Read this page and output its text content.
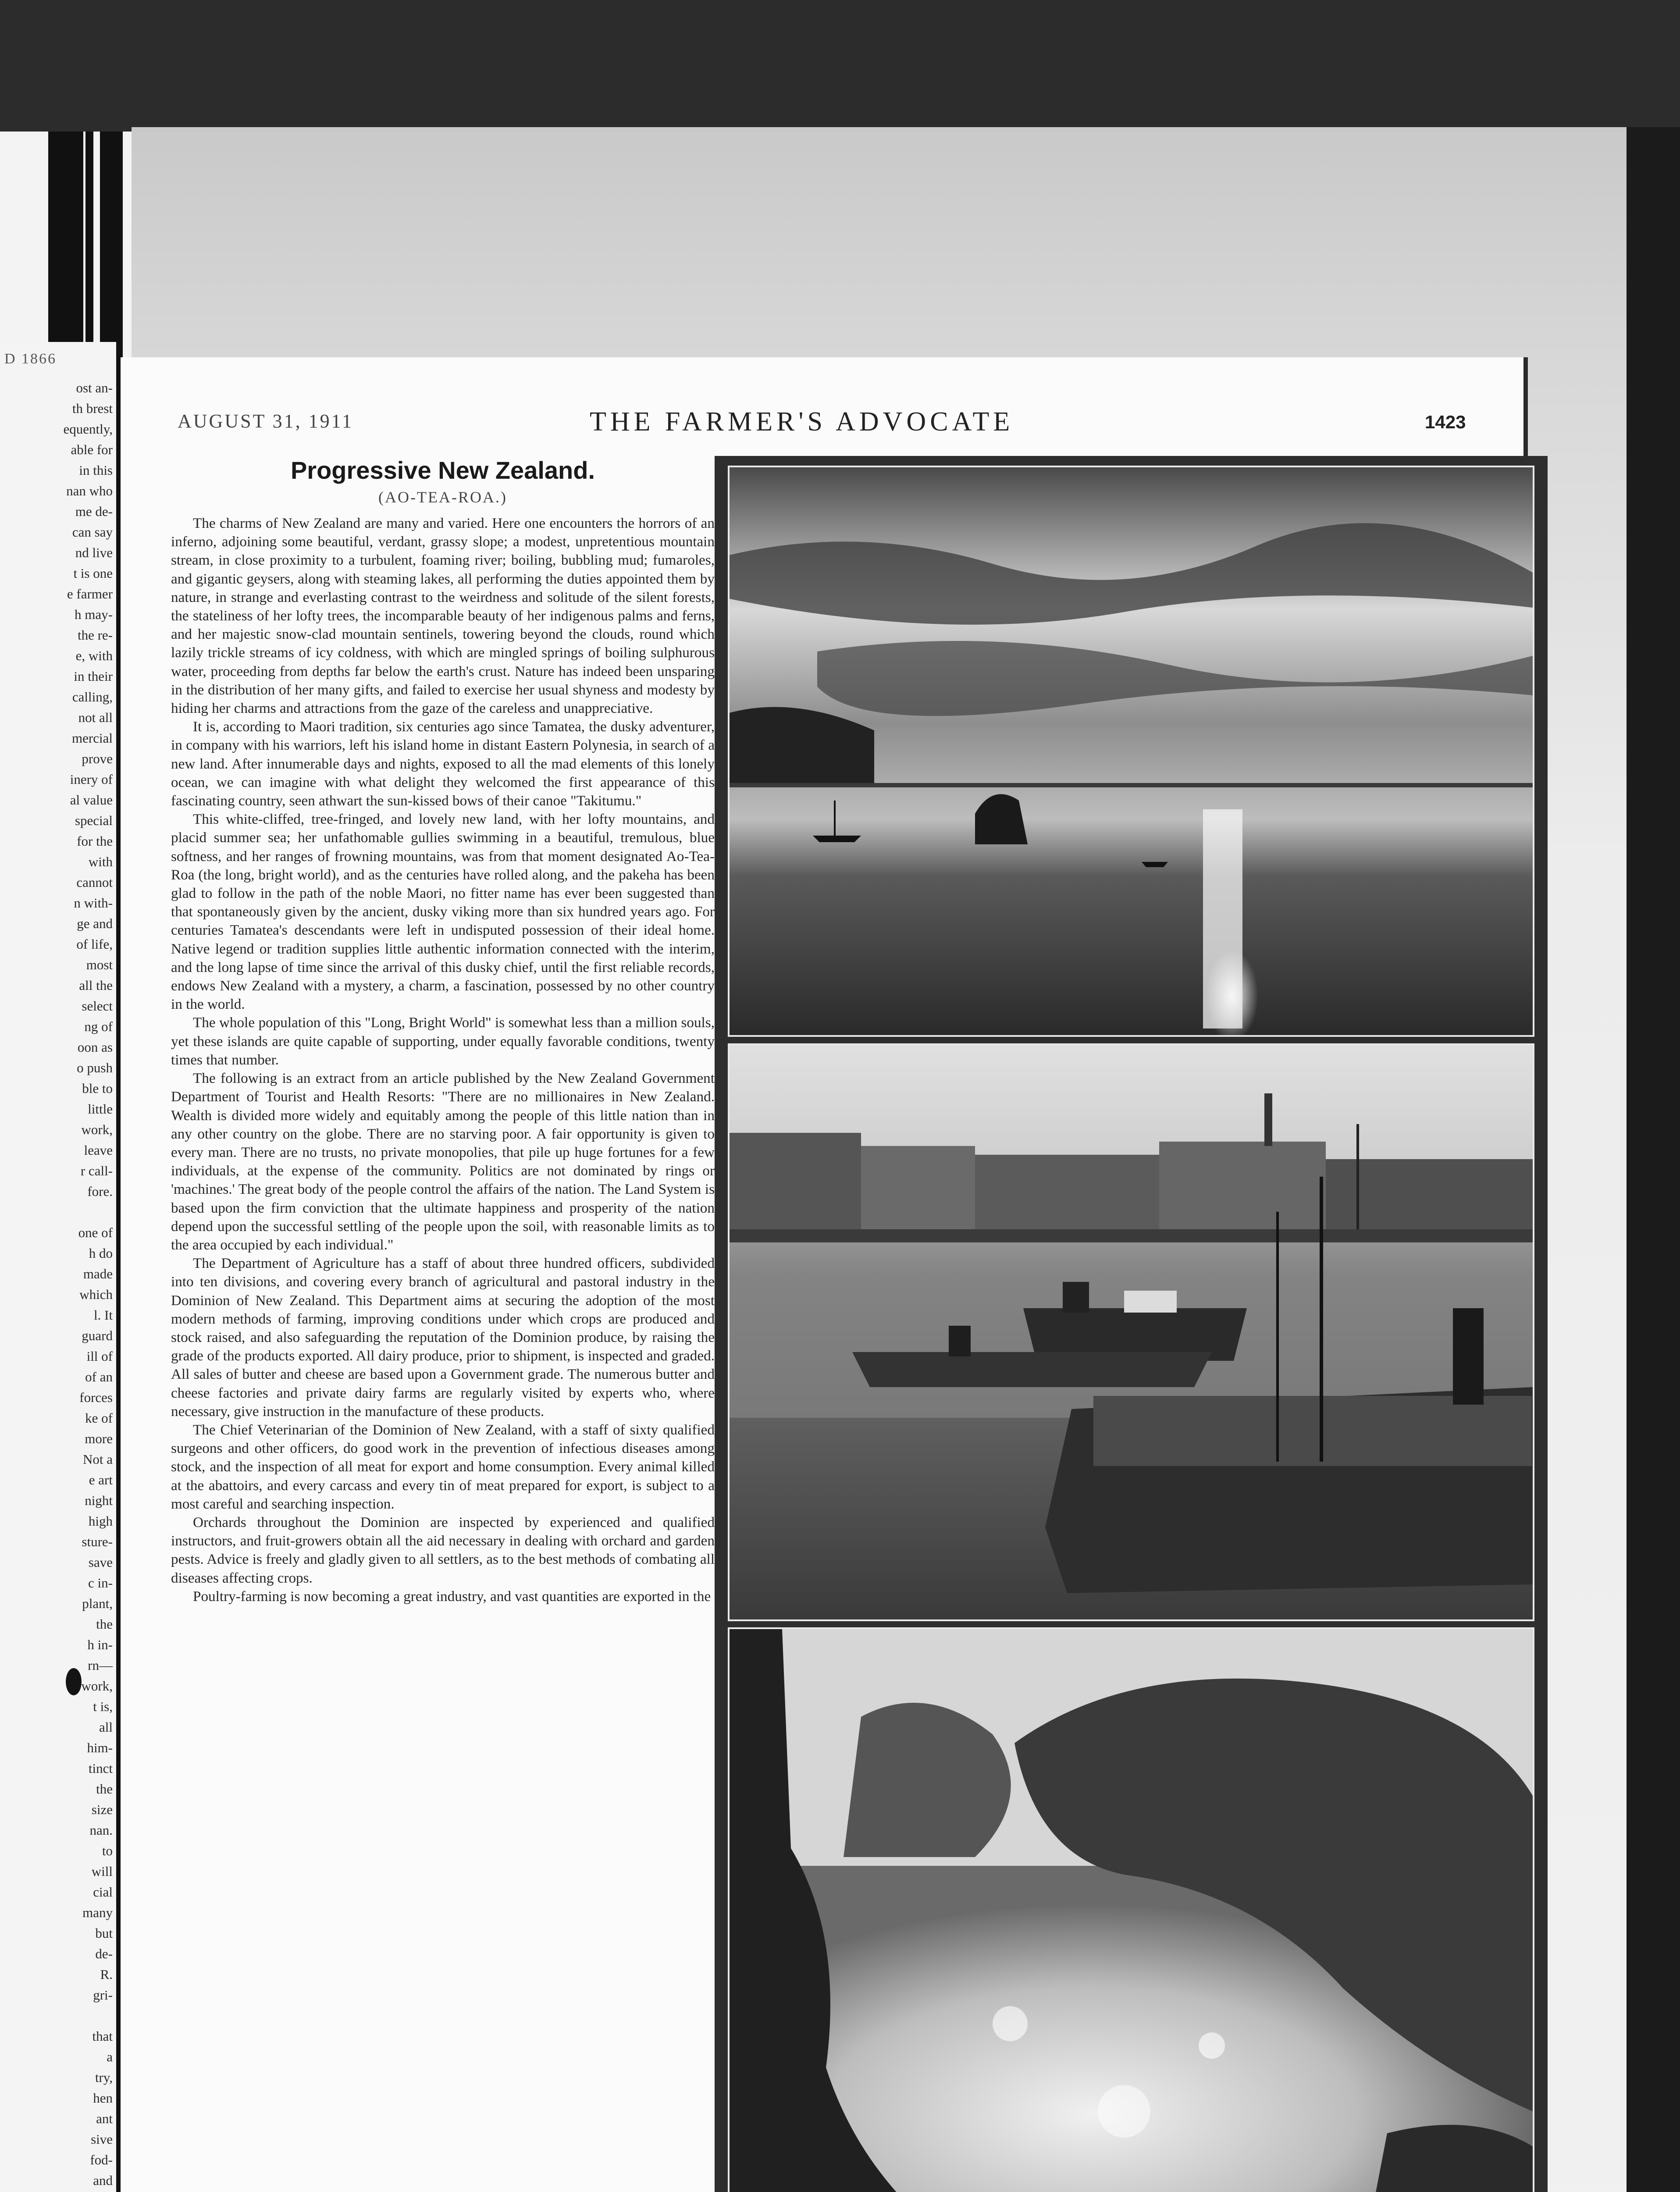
D 1866
ost an-
th brest
equently,
able for
in this
nan who
me de-
can say
nd live
t is one
e farmer
h may-
the re-
e, with
in their
calling,
not all
mercial
prove
inery of
al value
special
for the
with
cannot
n with-
ge and
of life,
most
all the
select
ng of
oon as
o push
ble to
little
work,
leave
r call-
fore.
one of
h do
made
which
l. It
guard
ill of
of an
forces
ke of
more
Not a
e art
night
high
sture-
save
c in-
plant,
the
h in-
rn—
work,
t is,
all
him-
tinct
the
size
nan.
to
will
cial
many
but
de-
R.
gri-
that
a
try,
hen
ant
sive
fod-
and
AUGUST 31, 1911	THE FARMER'S ADVOCATE	1423
Progressive New Zealand.
(AO-TEA-ROA.)

The charms of New Zealand are many and varied. Here one encounters the horrors of an inferno, adjoining some beautiful, verdant, grassy slope; a modest, unpretentious mountain stream, in close proximity to a turbulent, foaming river; boiling, bubbling mud; fumaroles, and gigantic geysers, along with steaming lakes, all performing the duties appointed them by nature, in strange and everlasting contrast to the weirdness and solitude of the silent forests, the stateliness of her lofty trees, the incomparable beauty of her indigenous palms and ferns, and her majestic snow-clad mountain sentinels, towering beyond the clouds, round which lazily trickle streams of icy coldness, with which are mingled springs of boiling sulphurous water, proceeding from depths far below the earth's crust. Nature has indeed been unsparing in the distribution of her many gifts, and failed to exercise her usual shyness and modesty by hiding her charms and attractions from the gaze of the careless and unappreciative.

It is, according to Maori tradition, six centuries ago since Tamatea, the dusky adventurer, in company with his warriors, left his island home in distant Eastern Polynesia, in search of a new land. After innumerable days and nights, exposed to all the mad elements of this lonely ocean, we can imagine with what delight they welcomed the first appearance of this fascinating country, seen athwart the sun-kissed bows of their canoe "Takitumu."

This white-cliffed, tree-fringed, and lovely new land, with her lofty mountains, and placid summer sea; her unfathomable gullies swimming in a beautiful, tremulous, blue softness, and her ranges of frowning mountains, was from that moment designated Ao-Tea-Roa (the long, bright world), and as the centuries have rolled along, and the pakeha has been glad to follow in the path of the noble Maori, no fitter name has ever been suggested than that spontaneously given by the ancient, dusky viking more than six hundred years ago. For centuries Tamatea's descendants were left in undisputed possession of their ideal home. Native legend or tradition supplies little authentic information connected with the interim, and the long lapse of time since the arrival of this dusky chief, until the first reliable records, endows New Zealand with a mystery, a charm, a fascination, possessed by no other country in the world.

The whole population of this "Long, Bright World" is somewhat less than a million souls, yet these islands are quite capable of supporting, under equally favorable conditions, twenty times that number.

The following is an extract from an article published by the New Zealand Government Department of Tourist and Health Resorts: "There are no millionaires in New Zealand. Wealth is divided more widely and equitably among the people of this little nation than in any other country on the globe. There are no starving poor. A fair opportunity is given to every man. There are no trusts, no private monopolies, that pile up huge fortunes for a few individuals, at the expense of the community. Politics are not dominated by rings or 'machines.' The great body of the people control the affairs of the nation. The Land System is based upon the firm conviction that the ultimate happiness and prosperity of the nation depend upon the successful settling of the people upon the soil, with reasonable limits as to the area occupied by each individual."

The Department of Agriculture has a staff of about three hundred officers, subdivided into ten divisions, and covering every branch of agricultural and pastoral industry in the Dominion of New Zealand. This Department aims at securing the adoption of the most modern methods of farming, improving conditions under which crops are produced and stock raised, and also safeguarding the reputation of the Dominion produce, by raising the grade of the products exported. All dairy produce, prior to shipment, is inspected and graded. All sales of butter and cheese are based upon a Government grade. The numerous butter and cheese factories and private dairy farms are regularly visited by experts who, where necessary, give instruction in the manufacture of these products.

The Chief Veterinarian of the Dominion of New Zealand, with a staff of sixty qualified surgeons and other officers, do good work in the prevention of infectious diseases among stock, and the inspection of all meat for export and home consumption. Every animal killed at the abattoirs, and every carcass and every tin of meat prepared for export, is subject to a most careful and searching inspection.

Orchards throughout the Dominion are inspected by experienced and qualified instructors, and fruit-growers obtain all the aid necessary in dealing with orchard and garden pests. Advice is freely and gladly given to all settlers, as to the best methods of combating all diseases affecting crops.

Poultry-farming is now becoming a great industry, and vast quantities are exported in the
